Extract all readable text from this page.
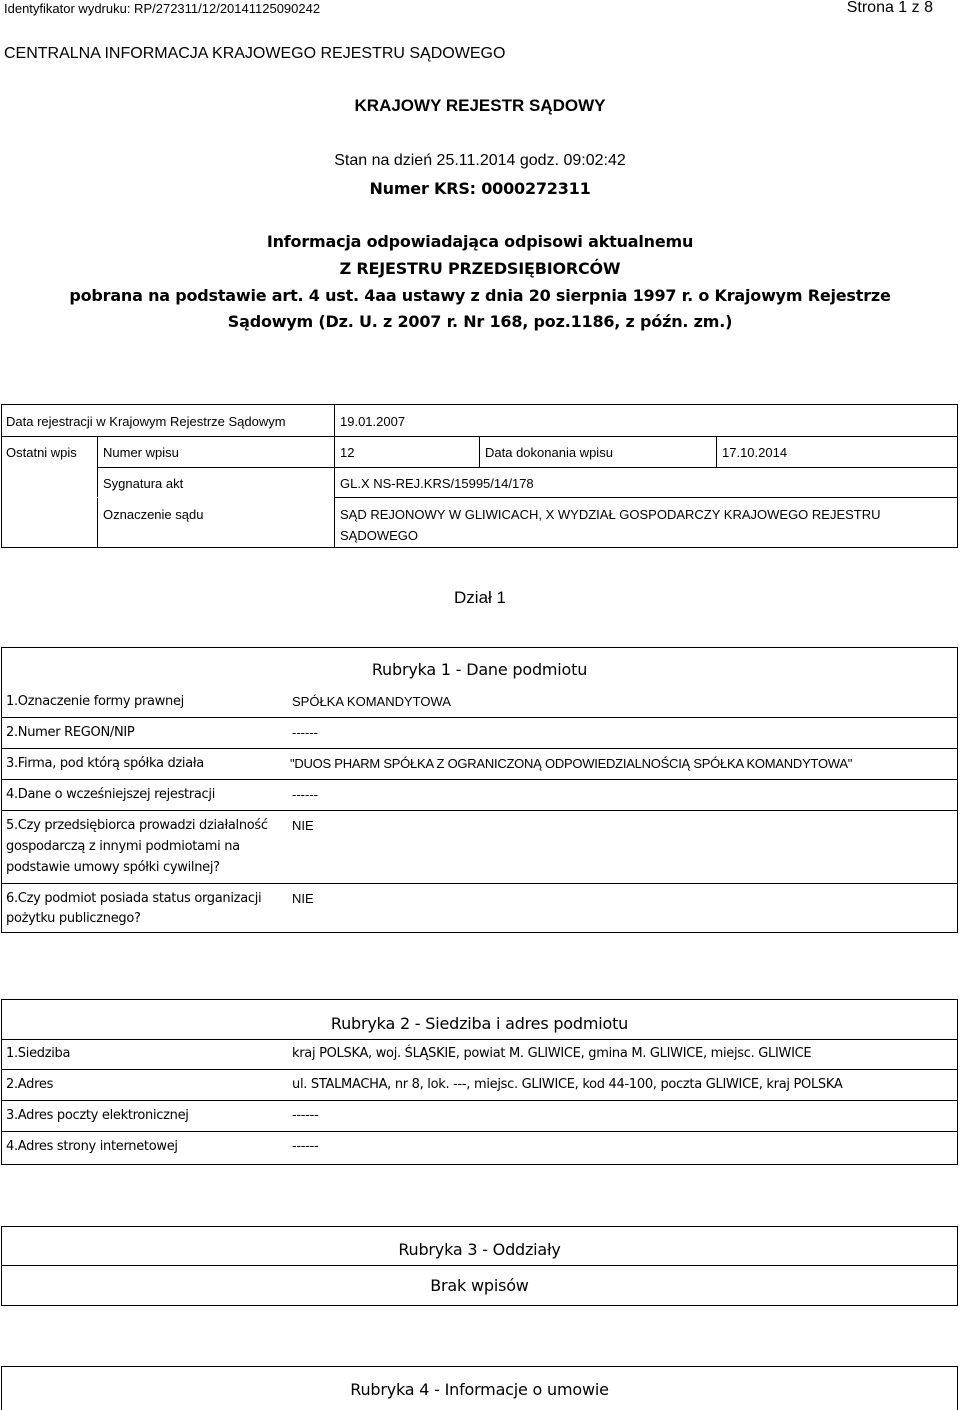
Identyfikator wydruku: RP/272311/12/20141125090242	Strona 1 z 8
CENTRALNA INFORMACJA KRAJOWEGO REJESTRU SĄDOWEGO
KRAJOWY REJESTR SĄDOWY
Stan na dzień 25.11.2014 godz. 09:02:42
Numer KRS: 0000272311
Informacja odpowiadająca odpisowi aktualnemu
Z REJESTRU PRZEDSIĘBIORCÓW
pobrana na podstawie art. 4 ust. 4aa ustawy z dnia 20 sierpnia 1997 r. o Krajowym Rejestrze
Sądowym (Dz. U. z 2007 r. Nr 168, poz.1186, z późn. zm.)
Data rejestracji w Krajowym Rejestrze Sądowym	19.01.2007
Ostatni wpis Numer wpisu	12	Data dokonania wpisu	17.10.2014
Sygnatura akt	GL.X NS-REJ.KRS/15995/14/178
Oznaczenie sądu	SĄD REJONOWY W GLIWICACH, X WYDZIAŁ GOSPODARCZY KRAJOWEGO REJESTRU
SĄDOWEGO
Dział 1
Rubryka 1 - Dane podmiotu
1.Oznaczenie formy prawnej	SPÓŁKA KOMANDYTOWA
2.Numer REGON/NIP	------
3.Firma, pod którą spółka działa	"DUOS PHARM SPÓŁKA Z OGRANICZONĄ ODPOWIEDZIALNOŚCIĄ SPÓŁKA KOMANDYTOWA"
4.Dane o wcześniejszej rejestracji	------
5.Czy przedsiębiorca prowadzi działalność
gospodarczą z innymi podmiotami na
podstawie umowy spółki cywilnej?
NIE
6.Czy podmiot posiada status organizacji
pożytku publicznego?
NIE
Rubryka 2 - Siedziba i adres podmiotu
1.Siedziba	kraj POLSKA, woj. ŚLĄSKIE, powiat M. GLIWICE, gmina M. GLIWICE, miejsc. GLIWICE
2.Adres	ul. STALMACHA, nr 8, lok. ---, miejsc. GLIWICE, kod 44-100, poczta GLIWICE, kraj POLSKA
3.Adres poczty elektronicznej	------
4.Adres strony internetowej	------
Rubryka 3 - Oddziały
Brak wpisów
Rubryka 4 - Informacje o umowie
